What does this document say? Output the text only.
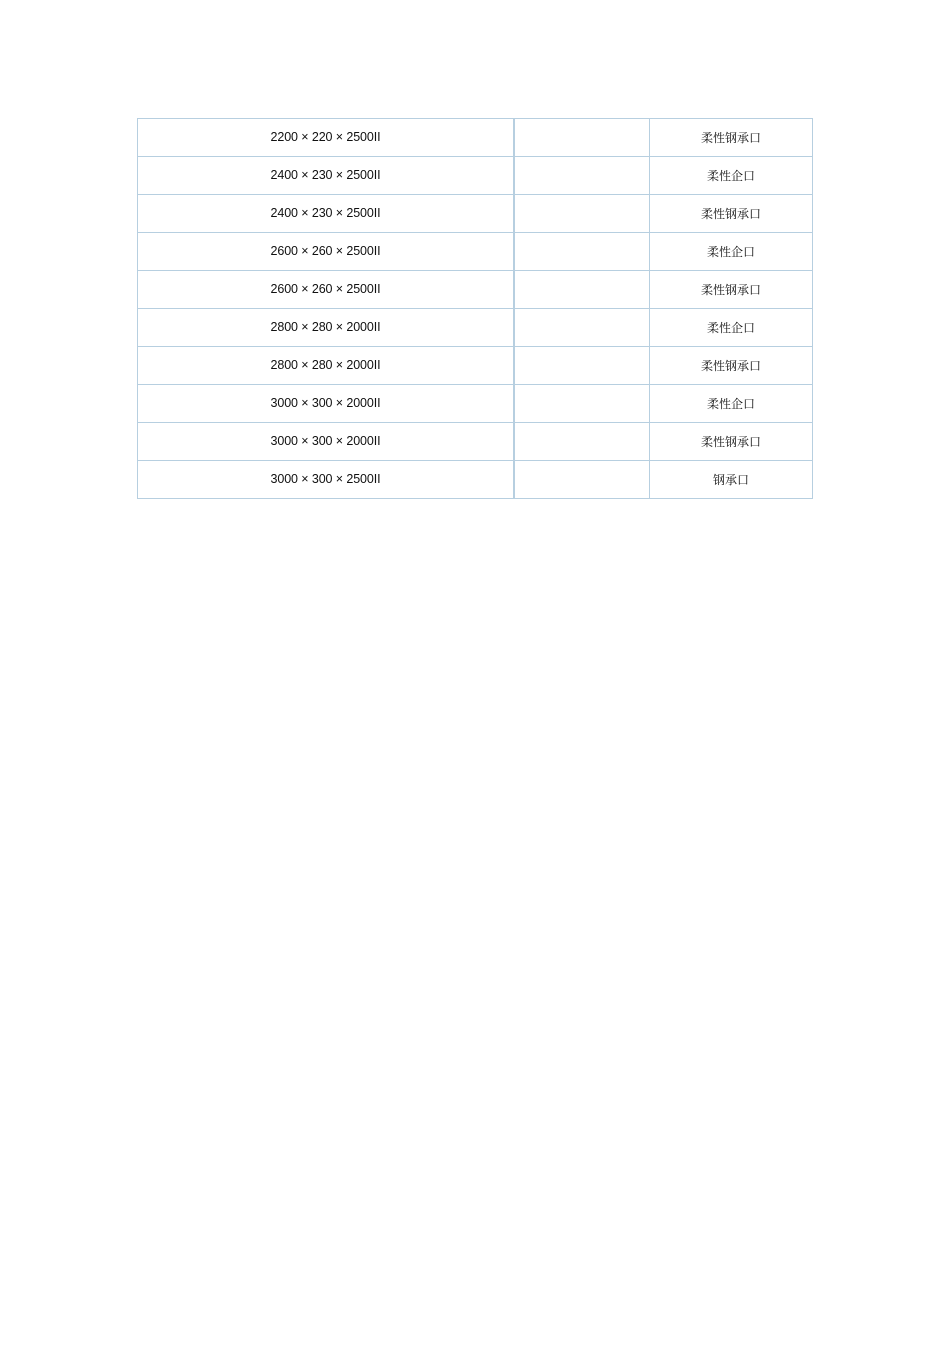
2200 × 220 × 2500II		柔性钢承口
2400 × 230 × 2500II		柔性企口
2400 × 230 × 2500II		柔性钢承口
2600 × 260 × 2500II		柔性企口
2600 × 260 × 2500II		柔性钢承口
2800 × 280 × 2000II		柔性企口
2800 × 280 × 2000II		柔性钢承口
3000 × 300 × 2000II		柔性企口
3000 × 300 × 2000II		柔性钢承口
3000 × 300 × 2500II		钢承口
